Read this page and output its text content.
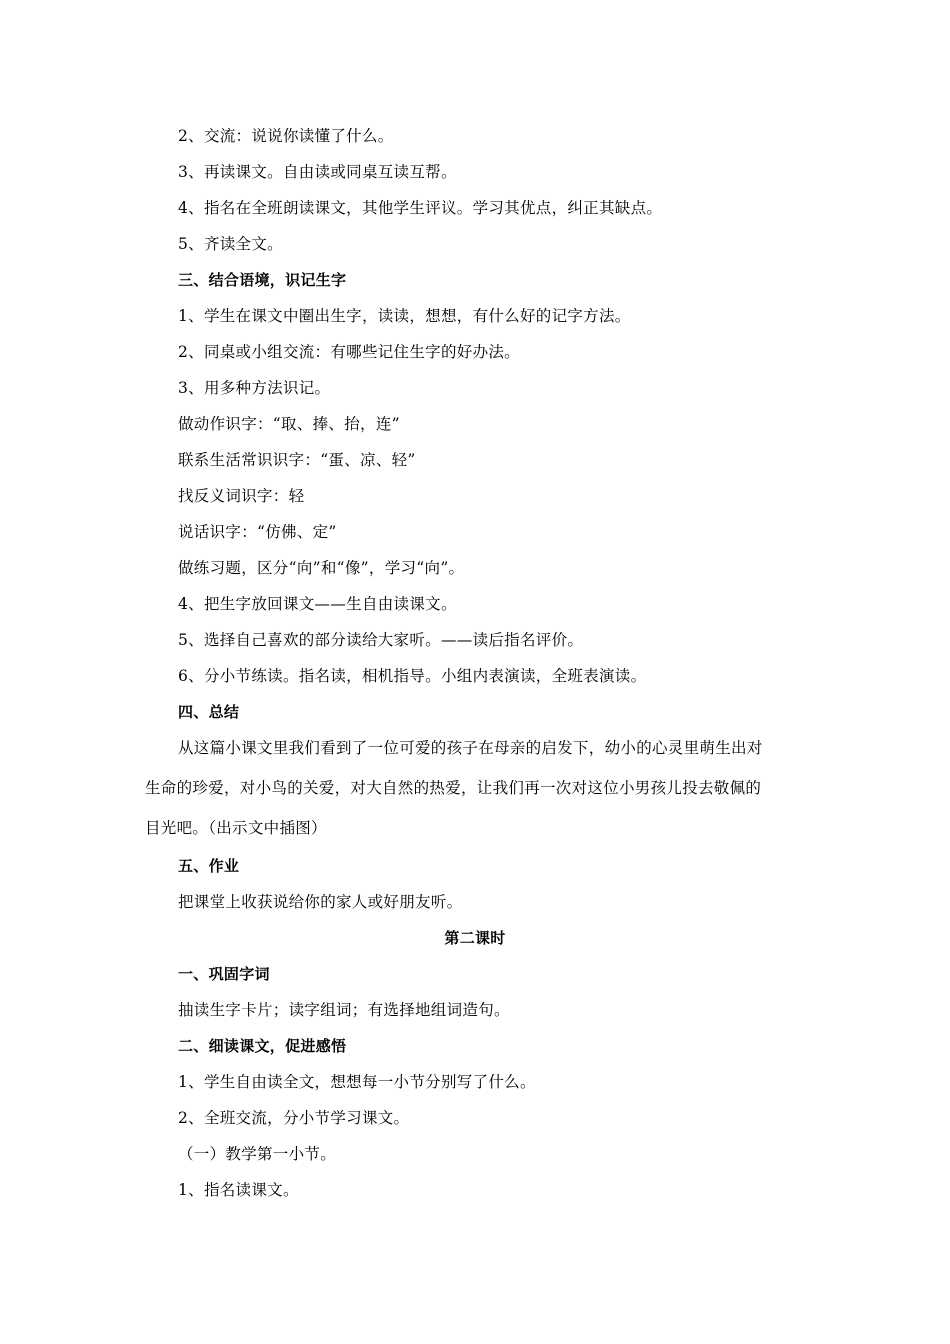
2、交流：说说你读懂了什么。
3、再读课文。自由读或同桌互读互帮。
4、指名在全班朗读课文，其他学生评议。学习其优点，纠正其缺点。
5、齐读全文。
三、结合语境，识记生字
1、学生在课文中圈出生字，读读，想想，有什么好的记字方法。
2、同桌或小组交流：有哪些记住生字的好办法。
3、用多种方法识记。
做动作识字：“取、捧、抬，连”
联系生活常识识字：“蛋、凉、轻”
找反义词识字：轻
说话识字：“仿佛、定”
做练习题，区分“向”和“像”，学习“向”。
4、把生字放回课文——生自由读课文。
5、选择自己喜欢的部分读给大家听。——读后指名评价。
6、分小节练读。指名读，相机指导。小组内表演读，全班表演读。
四、总结
从这篇小课文里我们看到了一位可爱的孩子在母亲的启发下，幼小的心灵里萌生出对
生命的珍爱，对小鸟的关爱，对大自然的热爱，让我们再一次对这位小男孩儿投去敬佩的
目光吧。（出示文中插图）
五、作业
把课堂上收获说给你的家人或好朋友听。
第二课时
一、巩固字词
抽读生字卡片；读字组词；有选择地组词造句。
二、细读课文，促进感悟
1、学生自由读全文，想想每一小节分别写了什么。
2、全班交流，分小节学习课文。
（一）教学第一小节。
1、指名读课文。
